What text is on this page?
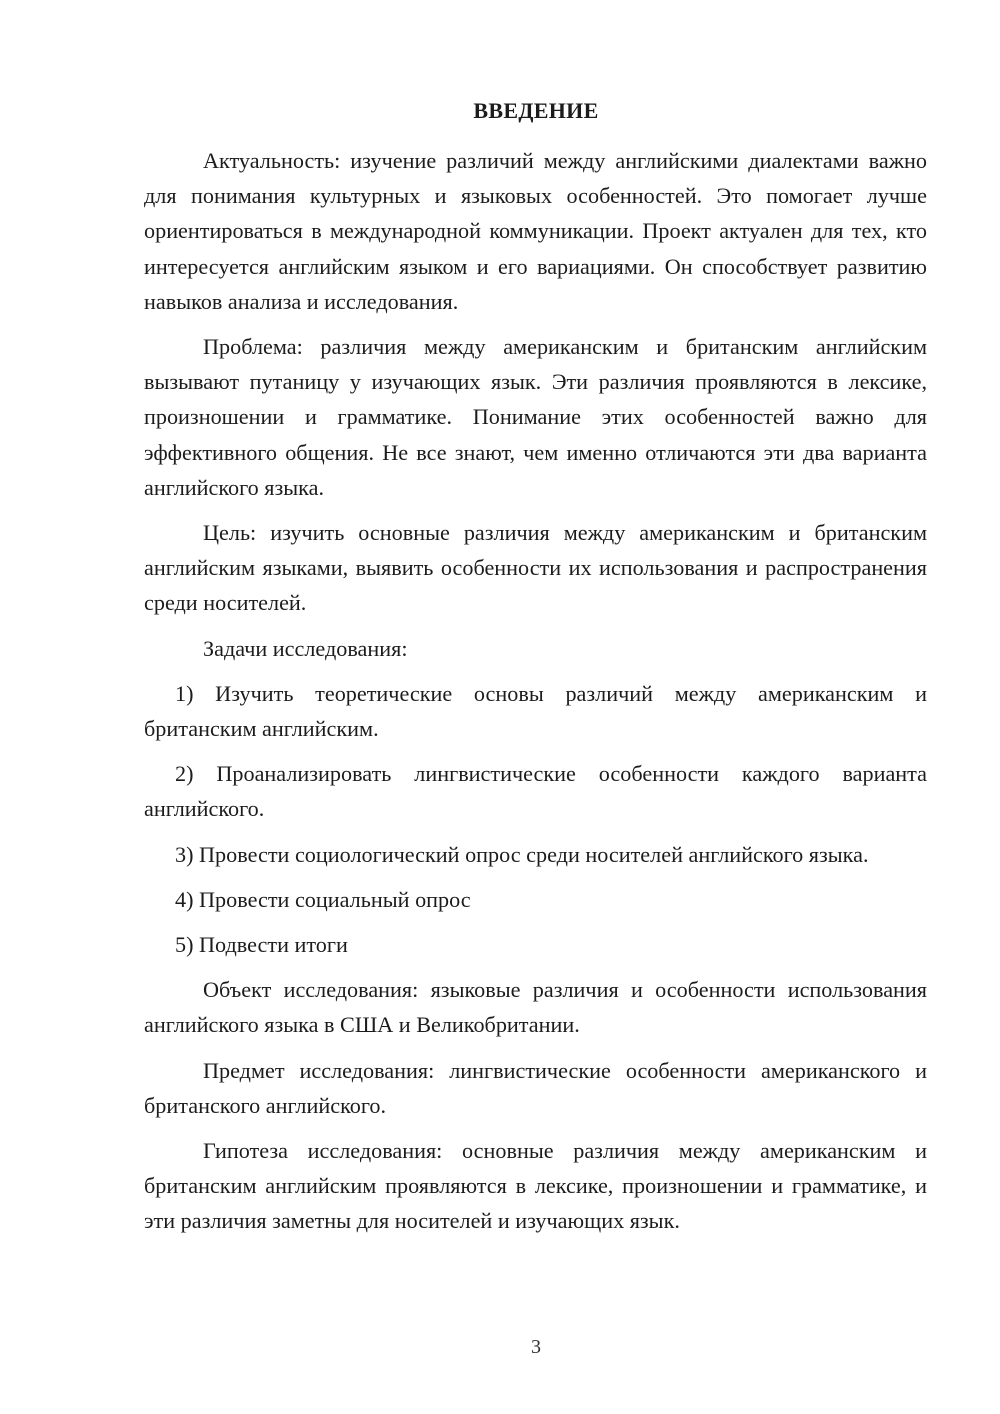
ВВЕДЕНИЕ

Актуальность: изучение различий между английскими диалектами важно для понимания культурных и языковых особенностей. Это помогает лучше ориентироваться в международной коммуникации. Проект актуален для тех, кто интересуется английским языком и его вариациями. Он способствует развитию навыков анализа и исследования.

Проблема: различия между американским и британским английским вызывают путаницу у изучающих язык. Эти различия проявляются в лексике, произношении и грамматике. Понимание этих особенностей важно для эффективного общения. Не все знают, чем именно отличаются эти два варианта английского языка.

Цель: изучить основные различия между американским и британским английским языками, выявить особенности их использования и распространения среди носителей.

Задачи исследования:

1) Изучить теоретические основы различий между американским и британским английским.

2) Проанализировать лингвистические особенности каждого варианта английского.

3) Провести социологический опрос среди носителей английского языка.

4) Провести социальный опрос

5) Подвести итоги

Объект исследования: языковые различия и особенности использования английского языка в США и Великобритании.

Предмет исследования: лингвистические особенности американского и британского английского.

Гипотеза исследования: основные различия между американским и британским английским проявляются в лексике, произношении и грамматике, и эти различия заметны для носителей и изучающих язык.

3
